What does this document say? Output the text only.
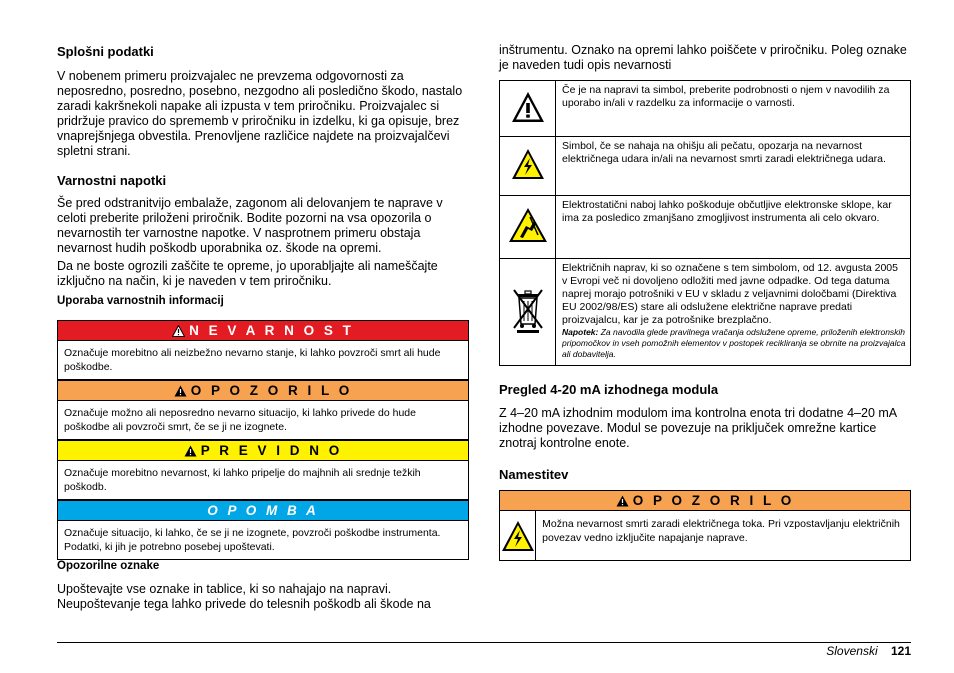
Splošni podatki

V nobenem primeru proizvajalec ne prevzema odgovornosti za neposredno, posredno, posebno, nezgodno ali posledično škodo, nastalo zaradi kakršnekoli napake ali izpusta v tem priročniku. Proizvajalec si pridržuje pravico do sprememb v priročniku in izdelku, ki ga opisuje, brez vnaprejšnjega obvestila. Prenovljene različice najdete na proizvajalčevi spletni strani.

Varnostni napotki

Še pred odstranitvijo embalaže, zagonom ali delovanjem te naprave v celoti preberite priloženi priročnik. Bodite pozorni na vsa opozorila o nevarnostih ter varnostne napotke. V nasprotnem primeru obstaja nevarnost hudih poškodb uporabnika oz. škode na opremi.

Da ne boste ogrozili zaščite te opreme, jo uporabljajte ali nameščajte izključno na način, ki je naveden v tem priročniku.

Uporaba varnostnih informacij
N E V A R N O S T
Označuje morebitno ali neizbežno nevarno stanje, ki lahko povzroči smrt ali hude poškodbe.
O P O Z O R I L O
Označuje možno ali neposredno nevarno situacijo, ki lahko privede do hude poškodbe ali povzroči smrt, če se ji ne izognete.
P R E V I D N O
Označuje morebitno nevarnost, ki lahko pripelje do majhnih ali srednje težkih poškodb.
O P O M B A
Označuje situacijo, ki lahko, če se ji ne izognete, povzroči poškodbe instrumenta. Podatki, ki jih je potrebno posebej upoštevati.
Opozorilne oznake

Upoštevajte vse oznake in tablice, ki so nahajajo na napravi. Neupoštevanje tega lahko privede do telesnih poškodb ali škode na

inštrumentu. Oznako na opremi lahko poiščete v priročniku. Poleg oznake je naveden tudi opis nevarnosti

	Če je na napravi ta simbol, preberite podrobnosti o njem v navodilih za uporabo in/ali v razdelku za informacije o varnosti.
	Simbol, če se nahaja na ohišju ali pečatu, opozarja na nevarnost električnega udara in/ali na nevarnost smrti zaradi električnega udara.
	Elektrostatični naboj lahko poškoduje občutljive elektronske sklope, kar ima za posledico zmanjšano zmogljivost instrumenta ali celo okvaro.
	Električnih naprav, ki so označene s tem simbolom, od 12. avgusta 2005 v Evropi več ni dovoljeno odložiti med javne odpadke. Od tega datuma naprej morajo potrošniki v EU v skladu z veljavnimi določbami (Direktiva EU 2002/98/ES) stare ali odslužene električne naprave predati proizvajalcu, kar je za potrošnike brezplačno.
Napotek: Za navodila glede pravilnega vračanja odslužene opreme, priloženih elektronskih pripomočkov in vseh pomožnih elementov v postopek recikliranja se obrnite na proizvajalca ali dobavitelja.
Pregled 4-20 mA izhodnega modula

Z 4–20 mA izhodnim modulom ima kontrolna enota tri dodatne 4–20 mA izhodne povezave. Modul se povezuje na priključek omrežne kartice znotraj kontrolne enote.

Namestitev
O P O Z O R I L O
Možna nevarnost smrti zaradi električnega toka. Pri vzpostavljanju električnih povezav vedno izključite napajanje naprave.
Slovenski 121
